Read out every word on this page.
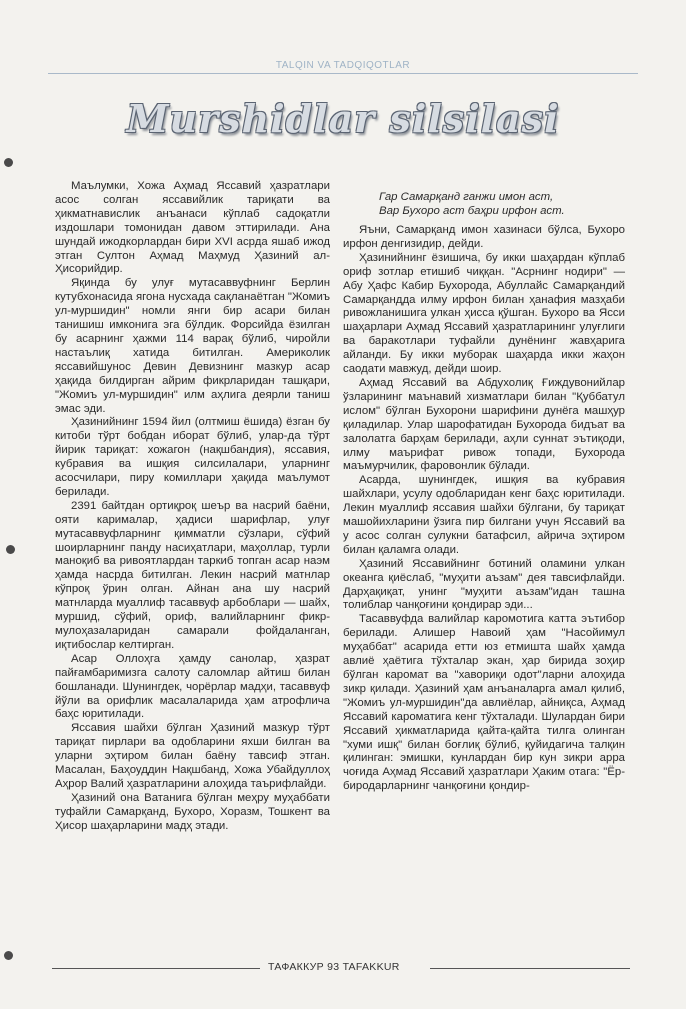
TALQIN VA TADQIQOTLAR
Murshidlar silsilasi

Маълумки, Хожа Аҳмад Яссавий ҳазратлари асос солган яссавийлик тариқати ва ҳикматнавислик анъанаси кўплаб садоқатли издошлари томонидан давом эттирилади. Ана шундай ижодкорлардан бири XVI асрда яшаб ижод этган Султон Аҳмад Маҳмуд Ҳазиний ал-Ҳисорийдир.

Яқинда бу улуғ мутасаввуфнинг Берлин кутубхонасида ягона нусхада сақланаётган "Жомиъ ул-муршидин" номли янги бир асари билан танишиш имконига эга бўлдик. Форсийда ёзилган бу асарнинг ҳажми 114 варақ бўлиб, чиройли настаълиқ хатида битилган. Америколик яссавийшунос Девин Девизнинг мазкур асар ҳақида билдирган айрим фикрларидан ташқари, "Жомиъ ул-муршидин" илм аҳлига деярли таниш эмас эди.

Ҳазинийнинг 1594 йил (олтмиш ёшида) ёзган бу китоби тўрт бобдан иборат бўлиб, улар-да тўрт йирик тариқат: хожагон (нақшбандия), яссавия, кубравия ва ишқия силсилалари, уларнинг асосчилари, пиру комиллари ҳақида маълумот берилади.

2391 байтдан ортиқроқ шеър ва насрий баёни, ояти карималар, ҳадиси шарифлар, улуғ мутасаввуфларнинг қимматли сўзлари, сўфий шоирларнинг панду насиҳатлари, маҳоллар, турли маноқиб ва ривоятлардан таркиб топган асар наэм ҳамда насрда битилган. Лекин насрий матнлар кўпроқ ўрин олган. Айнан ана шу насрий матнларда муаллиф тасаввуф арбоблари — шайх, муршид, сўфий, ориф, валийларнинг фикр-мулоҳазаларидан самарали фойдаланган, иқтибослар келтирган.

Асар Оллоҳга ҳамду санолар, ҳазрат пайғамбаримизга салоту саломлар айтиш билан бошланади. Шунингдек, чорёрлар мадҳи, тасаввуф йўли ва орифлик масалаларида ҳам атрофлича баҳс юритилади.

Яссавия шайхи бўлган Ҳазиний мазкур тўрт тариқат пирлари ва одобларини яхши билган ва уларни эҳтиром билан баёну тавсиф этган. Масалан, Баҳоуддин Нақшбанд, Хожа Убайдуллоҳ Аҳрор Валий ҳазратларини алоҳида таърифлайди.

Ҳазиний она Ватанига бўлган меҳру муҳаббати туфайли Самарқанд, Бухоро, Хоразм, Тошкент ва Ҳисор шаҳарларини мадҳ этади.

Гар Самарқанд ганжи имон аст,
Вар Бухоро аст баҳри ирфон аст.

Яъни, Самарқанд имон хазинаси бўлса, Бухоро ирфон денгизидир, дейди.

Ҳазинийнинг ёзишича, бу икки шаҳардан кўплаб ориф зотлар етишиб чиққан. "Асрнинг нодири" — Абу Ҳафс Кабир Бухорода, Абуллайс Самарқандий Самарқандда илму ирфон билан ҳанафия мазҳаби ривожланишига улкан ҳисса қўшган. Бухоро ва Ясси шаҳарлари Аҳмад Яссавий ҳазратларининг улуғлиги ва баракотлари туфайли дунёнинг жавҳарига айланди. Бу икки муборак шаҳарда икки жаҳон саодати мавжуд, дейди шоир.

Аҳмад Яссавий ва Абдухолиқ Ғиждувонийлар ўзларининг маънавий хизматлари билан "Қуббатул ислом" бўлган Бухорони шарифини дунёга машҳур қиладилар. Улар шарофатидан Бухорода бидъат ва залолатга барҳам берилади, аҳли суннат эътиқоди, илму маърифат ривож топади, Бухорода маъмурчилик, фаровонлик бўлади.

Асарда, шунингдек, ишқия ва кубравия шайхлари, усулу одобларидан кенг баҳс юритилади. Лекин муаллиф яссавия шайхи бўлгани, бу тариқат машойихларини ўзига пир билгани учун Яссавий ва у асос солган сулукни батафсил, айрича эҳтиром билан қаламга олади.

Ҳазиний Яссавийнинг ботиний оламини улкан океанга қиёслаб, "муҳити аъзам" дея тавсифлайди. Дарҳақиқат, унинг "муҳити аъзам"идан ташна толиблар чанқоғини қондирар эди...

Тасаввуфда валийлар каромотига катта эътибор берилади. Алишер Навоий ҳам "Насойимул муҳаббат" асарида етти юз етмишта шайх ҳамда авлиё ҳаётига тўхталар экан, ҳар бирида зоҳир бўлган каромат ва "хавориқи одот"ларни алоҳида зикр қилади. Ҳазиний ҳам анъаналарга амал қилиб, "Жомиъ ул-муршидин"да авлиёлар, айниқса, Аҳмад Яссавий кароматига кенг тўхталади. Шулардан бири Яссавий ҳикматларида қайта-қайта тилга олинган "хуми ишқ" билан боғлиқ бўлиб, қуйидагича талқин қилинган: эмишки, кунлардан бир кун зикри арра чоғида Аҳмад Яссавий ҳазратлари Ҳаким отага: "Ёр-биродарларнинг чанқоғини қондир-

ТАФАККУР 93 TAFAKKUR
